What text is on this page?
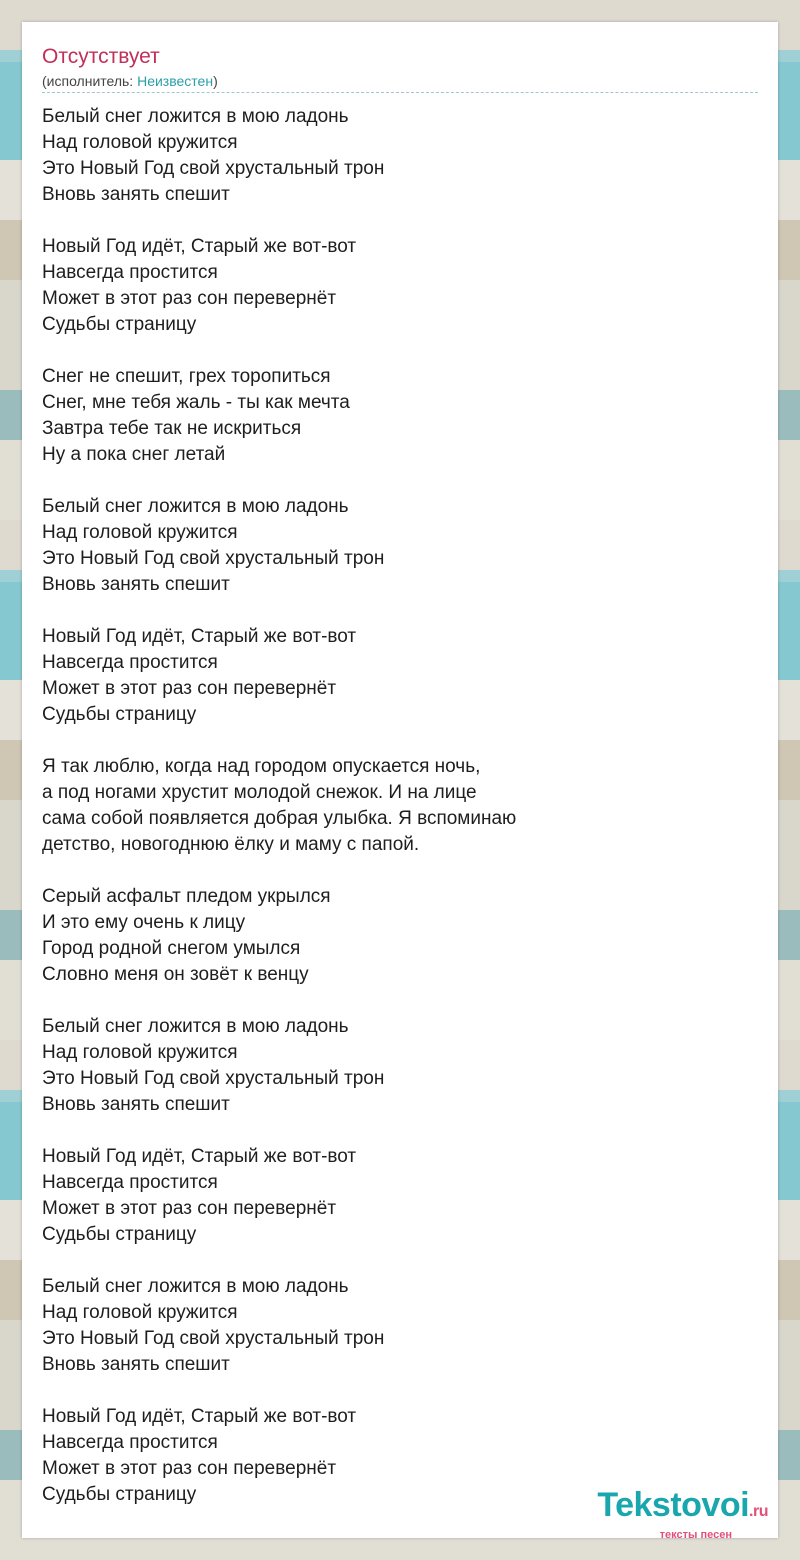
Отсутствует
(исполнитель: Неизвестен)
Белый снег ложится в мою ладонь
Над головой кружится
Это Новый Год свой хрустальный трон
Вновь занять спешит
Новый Год идёт, Старый же вот-вот
Навсегда простится
Может в этот раз сон перевернёт
Судьбы страницу
Снег не спешит, грех торопиться
Снег, мне тебя жаль - ты как мечта
Завтра тебе так не искриться
Ну а пока снег летай
Белый снег ложится в мою ладонь
Над головой кружится
Это Новый Год свой хрустальный трон
Вновь занять спешит
Новый Год идёт, Старый же вот-вот
Навсегда простится
Может в этот раз сон перевернёт
Судьбы страницу
Я так люблю, когда над городом опускается ночь,
а под ногами хрустит молодой снежок. И на лице
сама собой появляется добрая улыбка. Я вспоминаю
детство, новогоднюю ёлку и маму с папой.
Серый асфальт пледом укрылся
И это ему очень к лицу
Город родной снегом умылся
Словно меня он зовёт к венцу
Белый снег ложится в мою ладонь
Над головой кружится
Это Новый Год свой хрустальный трон
Вновь занять спешит
Новый Год идёт, Старый же вот-вот
Навсегда простится
Может в этот раз сон перевернёт
Судьбы страницу
Белый снег ложится в мою ладонь
Над головой кружится
Это Новый Год свой хрустальный трон
Вновь занять спешит
Новый Год идёт, Старый же вот-вот
Навсегда простится
Может в этот раз сон перевернёт
Судьбы страницу	Tekstovoi.ru
тексты песен
